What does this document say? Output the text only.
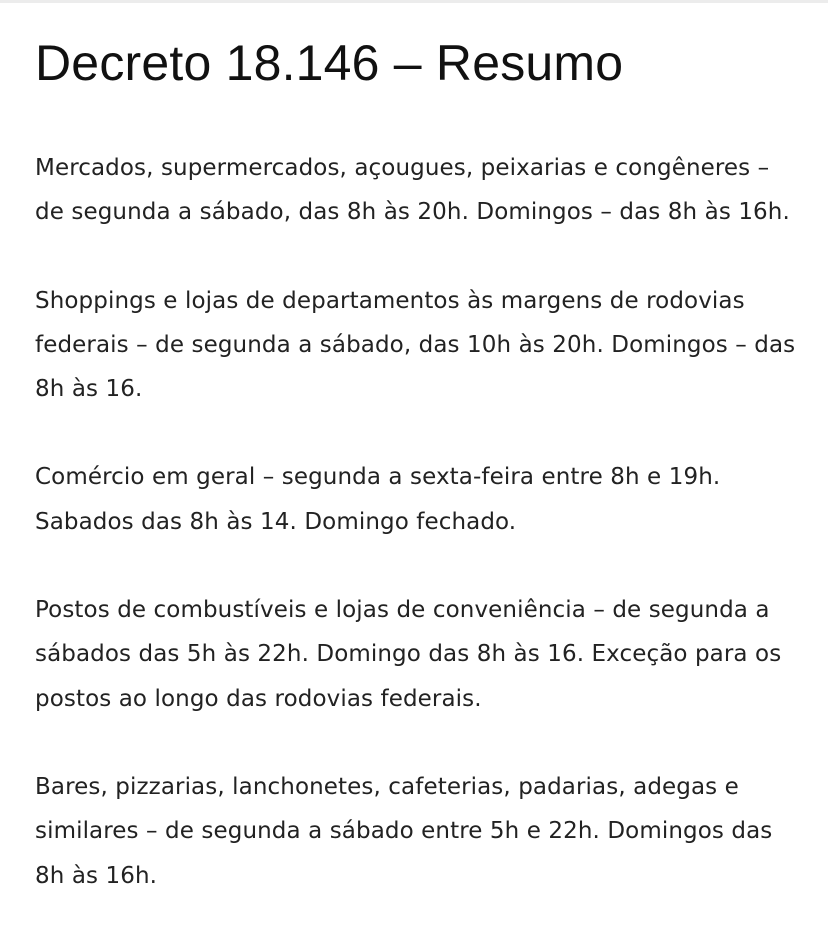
Decreto 18.146 – Resumo

Mercados, supermercados, açougues, peixarias e congêneres – de segunda a sábado, das 8h às 20h. Domingos – das 8h às 16h.

Shoppings e lojas de departamentos às margens de rodovias federais – de segunda a sábado, das 10h às 20h. Domingos – das 8h às 16.

Comércio em geral – segunda a sexta-feira entre 8h e 19h. Sabados das 8h às 14. Domingo fechado.

Postos de combustíveis e lojas de conveniência – de segunda a sábados das 5h às 22h. Domingo das 8h às 16. Exceção para os postos ao longo das rodovias federais.

Bares, pizzarias, lanchonetes, cafeterias, padarias, adegas e similares – de segunda a sábado entre 5h e 22h. Domingos das 8h às 16h.
